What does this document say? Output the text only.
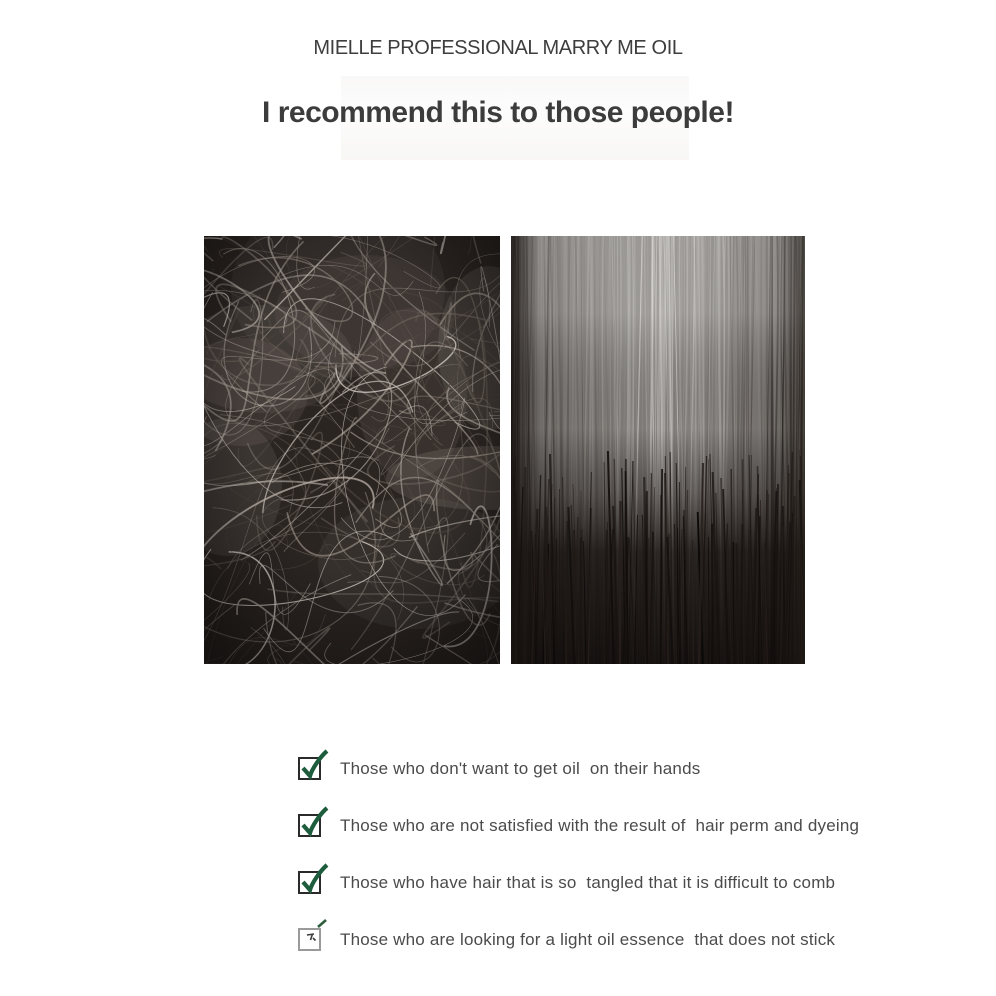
MIELLE PROFESSIONAL MARRY ME OIL
I recommend this to those people!
Those who don't want to get oil  on their hands
Those who are not satisfied with the result of  hair perm and dyeing
Those who have hair that is so  tangled that it is difficult to comb
Those who are looking for a light oil essence  that does not stick
